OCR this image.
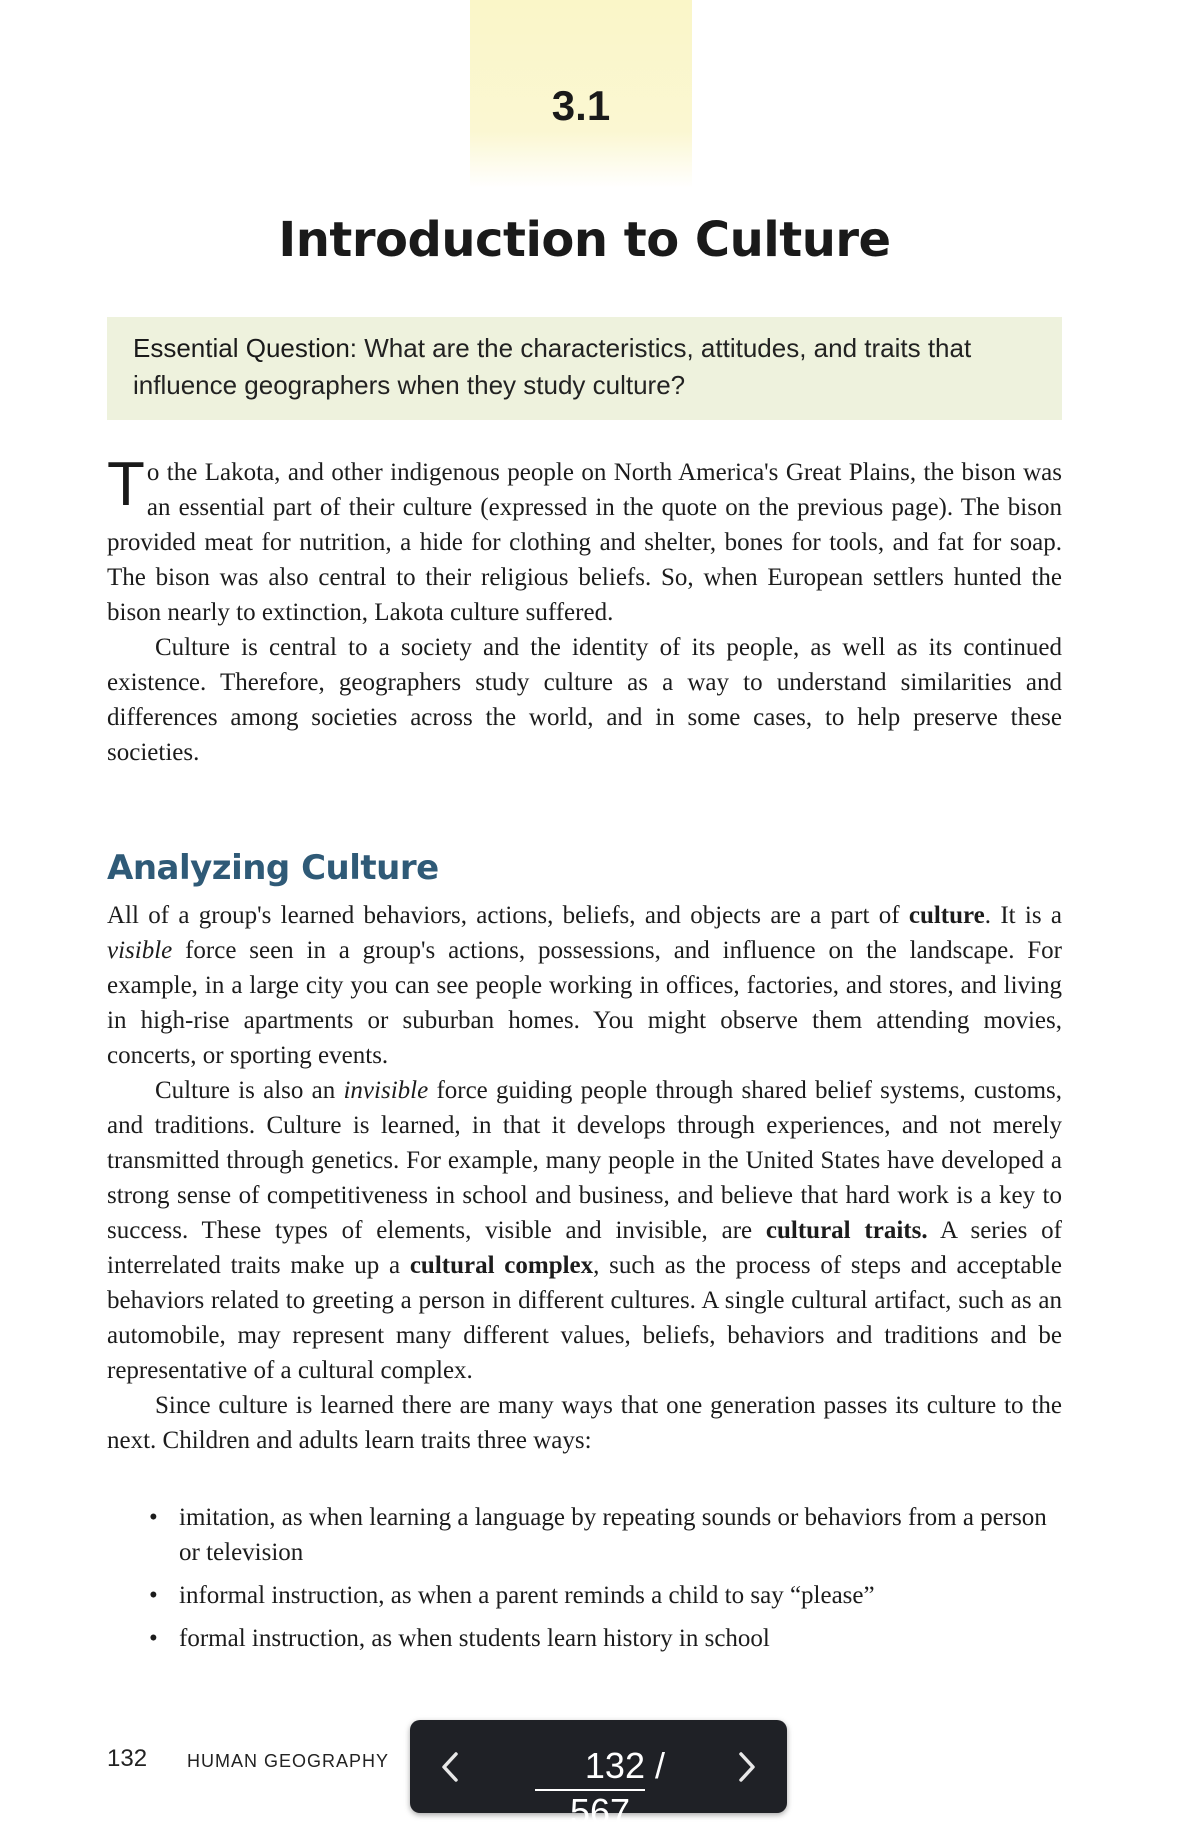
3.1
Introduction to Culture
Essential Question: What are the characteristics, attitudes, and traits that influence geographers when they study culture?

To the Lakota, and other indigenous people on North America's Great Plains, the bison was an essential part of their culture (expressed in the quote on the previous page). The bison provided meat for nutrition, a hide for clothing and shelter, bones for tools, and fat for soap. The bison was also central to their religious beliefs. So, when European settlers hunted the bison nearly to extinction, Lakota culture suffered.

Culture is central to a society and the identity of its people, as well as its continued existence. Therefore, geographers study culture as a way to understand similarities and differences among societies across the world, and in some cases, to help preserve these societies.

Analyzing Culture

All of a group's learned behaviors, actions, beliefs, and objects are a part of culture. It is a visible force seen in a group's actions, possessions, and influence on the landscape. For example, in a large city you can see people working in offices, factories, and stores, and living in high-rise apartments or suburban homes. You might observe them attending movies, concerts, or sporting events.

Culture is also an invisible force guiding people through shared belief systems, customs, and traditions. Culture is learned, in that it develops through experiences, and not merely transmitted through genetics. For example, many people in the United States have developed a strong sense of competitiveness in school and business, and believe that hard work is a key to success. These types of elements, visible and invisible, are cultural traits. A series of interrelated traits make up a cultural complex, such as the process of steps and acceptable behaviors related to greeting a person in different cultures. A single cultural artifact, such as an automobile, may represent many different values, beliefs, behaviors and traditions and be representative of a cultural complex.

Since culture is learned there are many ways that one generation passes its culture to the next. Children and adults learn traits three ways:

• imitation, as when learning a language by repeating sounds or behaviors from a person or television
• informal instruction, as when a parent reminds a child to say “please”
• formal instruction, as when students learn history in school
132 HUMAN GEOGRAPHY	132 / 567
